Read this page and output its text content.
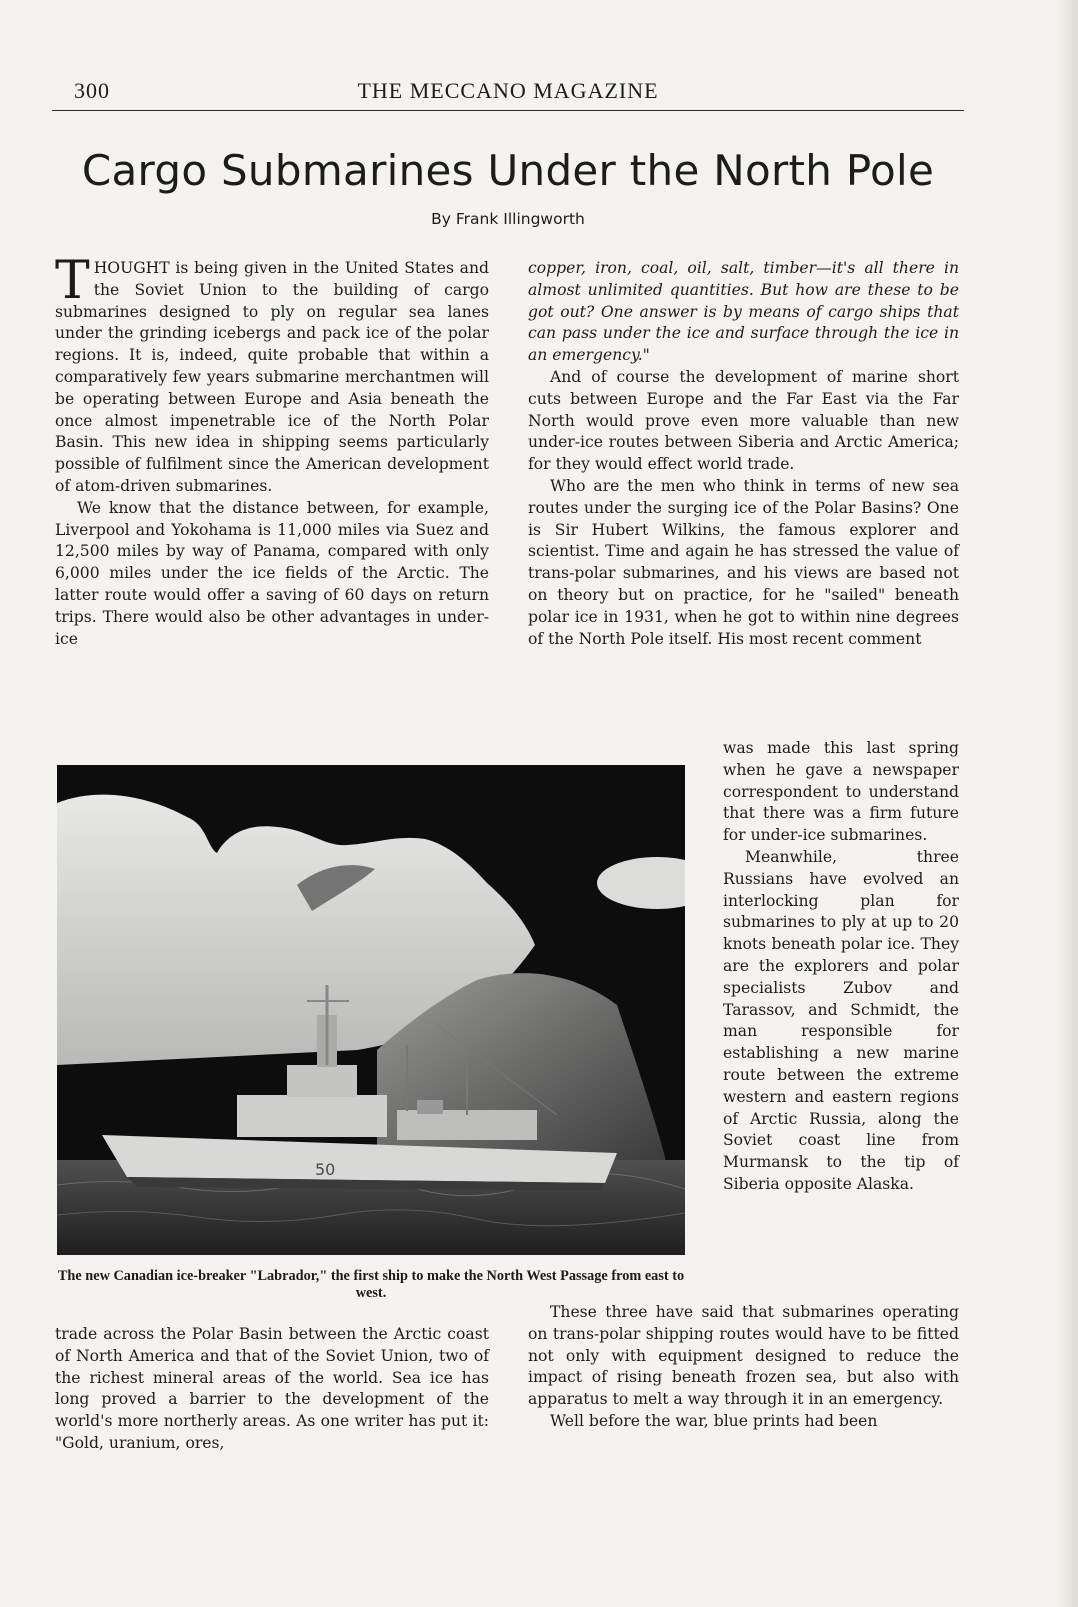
300	THE MECCANO MAGAZINE
Cargo Submarines Under the North Pole
By Frank Illingworth

THOUGHT is being given in the United States and the Soviet Union to the building of cargo submarines designed to ply on regular sea lanes under the grinding icebergs and pack ice of the polar regions. It is, indeed, quite probable that within a comparatively few years submarine merchantmen will be operating between Europe and Asia beneath the once almost impenetrable ice of the North Polar Basin. This new idea in shipping seems particularly possible of fulfilment since the American development of atom-driven submarines.

We know that the distance between, for example, Liverpool and Yokohama is 11,000 miles via Suez and 12,500 miles by way of Panama, compared with only 6,000 miles under the ice fields of the Arctic. The latter route would offer a saving of 60 days on return trips. There would also be other advantages in under-ice

copper, iron, coal, oil, salt, timber—it's all there in almost unlimited quantities. But how are these to be got out? One answer is by means of cargo ships that can pass under the ice and surface through the ice in an emergency."

And of course the development of marine short cuts between Europe and the Far East via the Far North would prove even more valuable than new under-ice routes between Siberia and Arctic America; for they would effect world trade.

Who are the men who think in terms of new sea routes under the surging ice of the Polar Basins? One is Sir Hubert Wilkins, the famous explorer and scientist. Time and again he has stressed the value of trans-polar submarines, and his views are based not on theory but on practice, for he "sailed" beneath polar ice in 1931, when he got to within nine degrees of the North Pole itself. His most recent comment

was made this last spring when he gave a newspaper correspondent to understand that there was a firm future for under-ice submarines.

Meanwhile, three Russians have evolved an interlocking plan for submarines to ply at up to 20 knots beneath polar ice. They are the explorers and polar specialists Zubov and Tarassov, and Schmidt, the man responsible for establishing a new marine route between the extreme western and eastern regions of Arctic Russia, along the Soviet coast line from Murmansk to the tip of Siberia opposite Alaska.

50
The new Canadian ice-breaker "Labrador," the first ship to make the North West Passage from east to west.

trade across the Polar Basin between the Arctic coast of North America and that of the Soviet Union, two of the richest mineral areas of the world. Sea ice has long proved a barrier to the development of the world's more northerly areas. As one writer has put it: "Gold, uranium, ores,

These three have said that submarines operating on trans-polar shipping routes would have to be fitted not only with equipment designed to reduce the impact of rising beneath frozen sea, but also with apparatus to melt a way through it in an emergency.

Well before the war, blue prints had been
